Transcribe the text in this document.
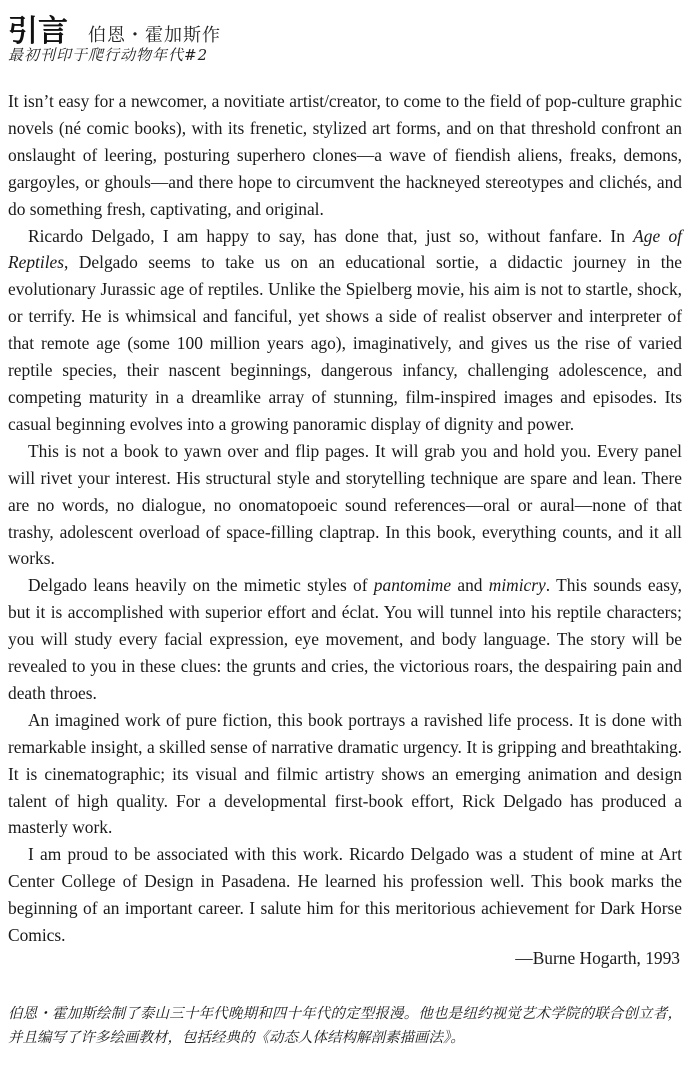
引言 伯恩・霍加斯作
最初刊印于爬行动物年代#2

It isn’t easy for a newcomer, a novitiate artist/creator, to come to the field of pop-culture graphic novels (né comic books), with its frenetic, stylized art forms, and on that threshold confront an onslaught of leering, posturing superhero clones—a wave of fiendish aliens, freaks, demons, gargoyles, or ghouls—and there hope to circumvent the hackneyed stereotypes and clichés, and do something fresh, captivating, and original.

Ricardo Delgado, I am happy to say, has done that, just so, without fanfare. In Age of Reptiles, Delgado seems to take us on an educational sortie, a didactic journey in the evolutionary Jurassic age of reptiles. Unlike the Spielberg movie, his aim is not to startle, shock, or terrify. He is whimsical and fanciful, yet shows a side of realist observer and interpreter of that remote age (some 100 million years ago), imaginatively, and gives us the rise of varied reptile species, their nascent beginnings, dangerous infancy, challenging adolescence, and competing maturity in a dreamlike array of stunning, film-inspired images and episodes. Its casual beginning evolves into a growing panoramic display of dignity and power.

This is not a book to yawn over and flip pages. It will grab you and hold you. Every panel will rivet your interest. His structural style and storytelling technique are spare and lean. There are no words, no dialogue, no onomatopoeic sound references—oral or aural—none of that trashy, adolescent overload of space-filling claptrap. In this book, everything counts, and it all works.

Delgado leans heavily on the mimetic styles of pantomime and mimicry. This sounds easy, but it is accomplished with superior effort and éclat. You will tunnel into his reptile characters; you will study every facial expression, eye movement, and body language. The story will be revealed to you in these clues: the grunts and cries, the victorious roars, the despairing pain and death throes.

An imagined work of pure fiction, this book portrays a ravished life process. It is done with remarkable insight, a skilled sense of narrative dramatic urgency. It is gripping and breathtaking. It is cinematographic; its visual and filmic artistry shows an emerging animation and design talent of high quality. For a developmental first-book effort, Rick Delgado has produced a masterly work.

I am proud to be associated with this work. Ricardo Delgado was a student of mine at Art Center College of Design in Pasadena. He learned his profession well. This book marks the beginning of an important career. I salute him for this meritorious achievement for Dark Horse Comics.

—Burne Hogarth, 1993
伯恩・霍加斯绘制了泰山三十年代晚期和四十年代的定型报漫。他也是纽约视觉艺术学院的联合创立者，并且编写了许多绘画教材，包括经典的《动态人体结构解剖素描画法》。
